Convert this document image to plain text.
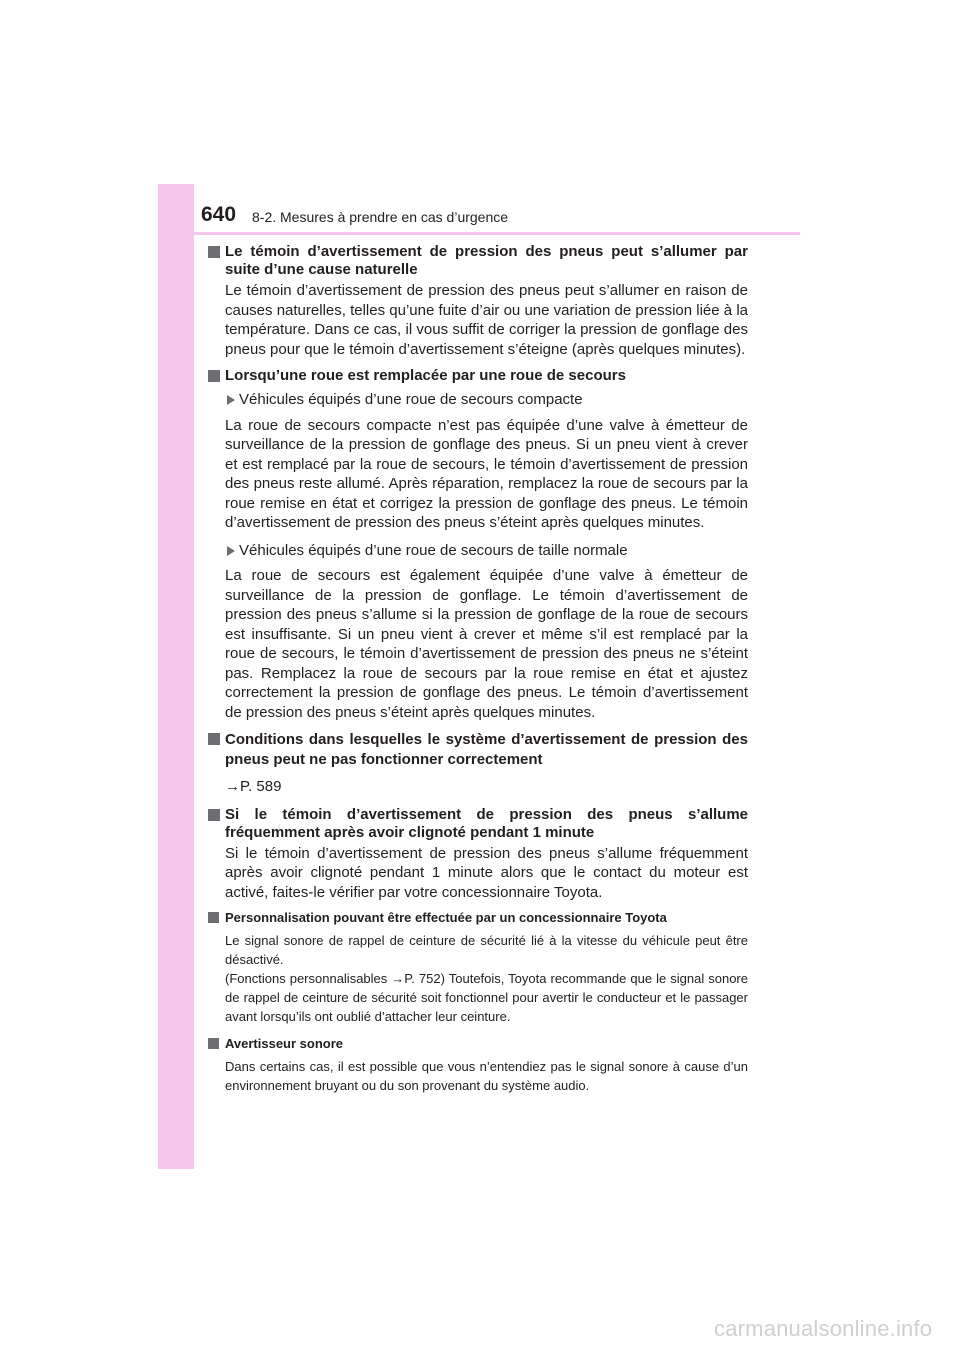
640 8-2. Mesures à prendre en cas d’urgence
Le témoin d’avertissement de pression des pneus peut s’allumer par suite d’une cause naturelle

Le témoin d’avertissement de pression des pneus peut s’allumer en raison de causes naturelles, telles qu’une fuite d’air ou une variation de pression liée à la température. Dans ce cas, il vous suffit de corriger la pression de gonflage des pneus pour que le témoin d’avertissement s’éteigne (après quelques minutes).

Lorsqu’une roue est remplacée par une roue de secours
Véhicules équipés d’une roue de secours compacte

La roue de secours compacte n’est pas équipée d’une valve à émetteur de surveillance de la pression de gonflage des pneus. Si un pneu vient à crever et est remplacé par la roue de secours, le témoin d’avertissement de pression des pneus reste allumé. Après réparation, remplacez la roue de secours par la roue remise en état et corrigez la pression de gonflage des pneus. Le témoin d’avertissement de pression des pneus s’éteint après quelques minutes.

Véhicules équipés d’une roue de secours de taille normale

La roue de secours est également équipée d’une valve à émetteur de surveillance de la pression de gonflage. Le témoin d’avertissement de pression des pneus s’allume si la pression de gonflage de la roue de secours est insuffisante. Si un pneu vient à crever et même s’il est remplacé par la roue de secours, le témoin d’avertissement de pression des pneus ne s’éteint pas. Remplacez la roue de secours par la roue remise en état et ajustez correctement la pression de gonflage des pneus. Le témoin d’avertissement de pression des pneus s’éteint après quelques minutes.

Conditions dans lesquelles le système d’avertissement de pression des pneus peut ne pas fonctionner correctement

→P. 589

Si le témoin d’avertissement de pression des pneus s’allume fréquemment après avoir clignoté pendant 1 minute

Si le témoin d’avertissement de pression des pneus s’allume fréquemment après avoir clignoté pendant 1 minute alors que le contact du moteur est activé, faites-le vérifier par votre concessionnaire Toyota.

Personnalisation pouvant être effectuée par un concessionnaire Toyota

Le signal sonore de rappel de ceinture de sécurité lié à la vitesse du véhicule peut être désactivé.

(Fonctions personnalisables →P. 752) Toutefois, Toyota recommande que le signal sonore de rappel de ceinture de sécurité soit fonctionnel pour avertir le conducteur et le passager avant lorsqu’ils ont oublié d’attacher leur ceinture.

Avertisseur sonore

Dans certains cas, il est possible que vous n’entendiez pas le signal sonore à cause d’un environnement bruyant ou du son provenant du système audio.

carmanualsonline.info
